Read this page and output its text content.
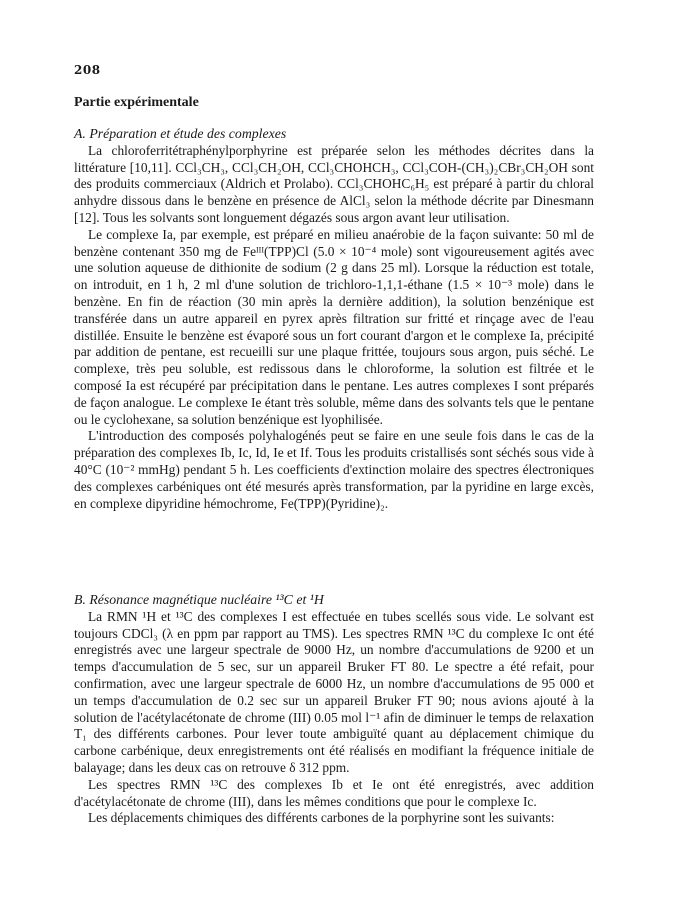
208
Partie expérimentale

A. Préparation et étude des complexes

La chloroferritétraphénylporphyrine est préparée selon les méthodes décrites dans la littérature [10,11]. CCl₃CH₃, CCl₃CH₂OH, CCl₃CHOHCH₃, CCl₃COH-(CH₃)₂CBr₃CH₂OH sont des produits commerciaux (Aldrich et Prolabo). CCl₃CHOHC₆H₅ est préparé à partir du chloral anhydre dissous dans le benzène en présence de AlCl₃ selon la méthode décrite par Dinesmann [12]. Tous les solvants sont longuement dégazés sous argon avant leur utilisation.

Le complexe Ia, par exemple, est préparé en milieu anaérobie de la façon suivante: 50 ml de benzène contenant 350 mg de Feᴵᴵᴵ(TPP)Cl (5.0 × 10⁻⁴ mole) sont vigoureusement agités avec une solution aqueuse de dithionite de sodium (2 g dans 25 ml). Lorsque la réduction est totale, on introduit, en 1 h, 2 ml d'une solution de trichloro-1,1,1-éthane (1.5 × 10⁻³ mole) dans le benzène. En fin de réaction (30 min après la dernière addition), la solution benzénique est transférée dans un autre appareil en pyrex après filtration sur fritté et rinçage avec de l'eau distillée. Ensuite le benzène est évaporé sous un fort courant d'argon et le complexe Ia, précipité par addition de pentane, est recueilli sur une plaque frittée, toujours sous argon, puis séché. Le complexe, très peu soluble, est redissous dans le chloroforme, la solution est filtrée et le composé Ia est récupéré par précipitation dans le pentane. Les autres complexes I sont préparés de façon analogue. Le complexe Ie étant très soluble, même dans des solvants tels que le pentane ou le cyclohexane, sa solution benzénique est lyophilisée.

L'introduction des composés polyhalogénés peut se faire en une seule fois dans le cas de la préparation des complexes Ib, Ic, Id, Ie et If. Tous les produits cristallisés sont séchés sous vide à 40°C (10⁻² mmHg) pendant 5 h. Les coefficients d'extinction molaire des spectres électroniques des complexes carbéniques ont été mesurés après transformation, par la pyridine en large excès, en complexe dipyridine hémochrome, Fe(TPP)(Pyridine)₂.

B. Résonance magnétique nucléaire ¹³C et ¹H

La RMN ¹H et ¹³C des complexes I est effectuée en tubes scellés sous vide. Le solvant est toujours CDCl₃ (λ en ppm par rapport au TMS). Les spectres RMN ¹³C du complexe Ic ont été enregistrés avec une largeur spectrale de 9000 Hz, un nombre d'accumulations de 9200 et un temps d'accumulation de 5 sec, sur un appareil Bruker FT 80. Le spectre a été refait, pour confirmation, avec une largeur spectrale de 6000 Hz, un nombre d'accumulations de 95 000 et un temps d'accumulation de 0.2 sec sur un appareil Bruker FT 90; nous avions ajouté à la solution de l'acétylacétonate de chrome (III) 0.05 mol l⁻¹ afin de diminuer le temps de relaxation T₁ des différents carbones. Pour lever toute ambiguïté quant au déplacement chimique du carbone carbénique, deux enregistrements ont été réalisés en modifiant la fréquence initiale de balayage; dans les deux cas on retrouve δ 312 ppm.

Les spectres RMN ¹³C des complexes Ib et Ie ont été enregistrés, avec addition d'acétylacétonate de chrome (III), dans les mêmes conditions que pour le complexe Ic.

Les déplacements chimiques des différents carbones de la porphyrine sont les suivants:
